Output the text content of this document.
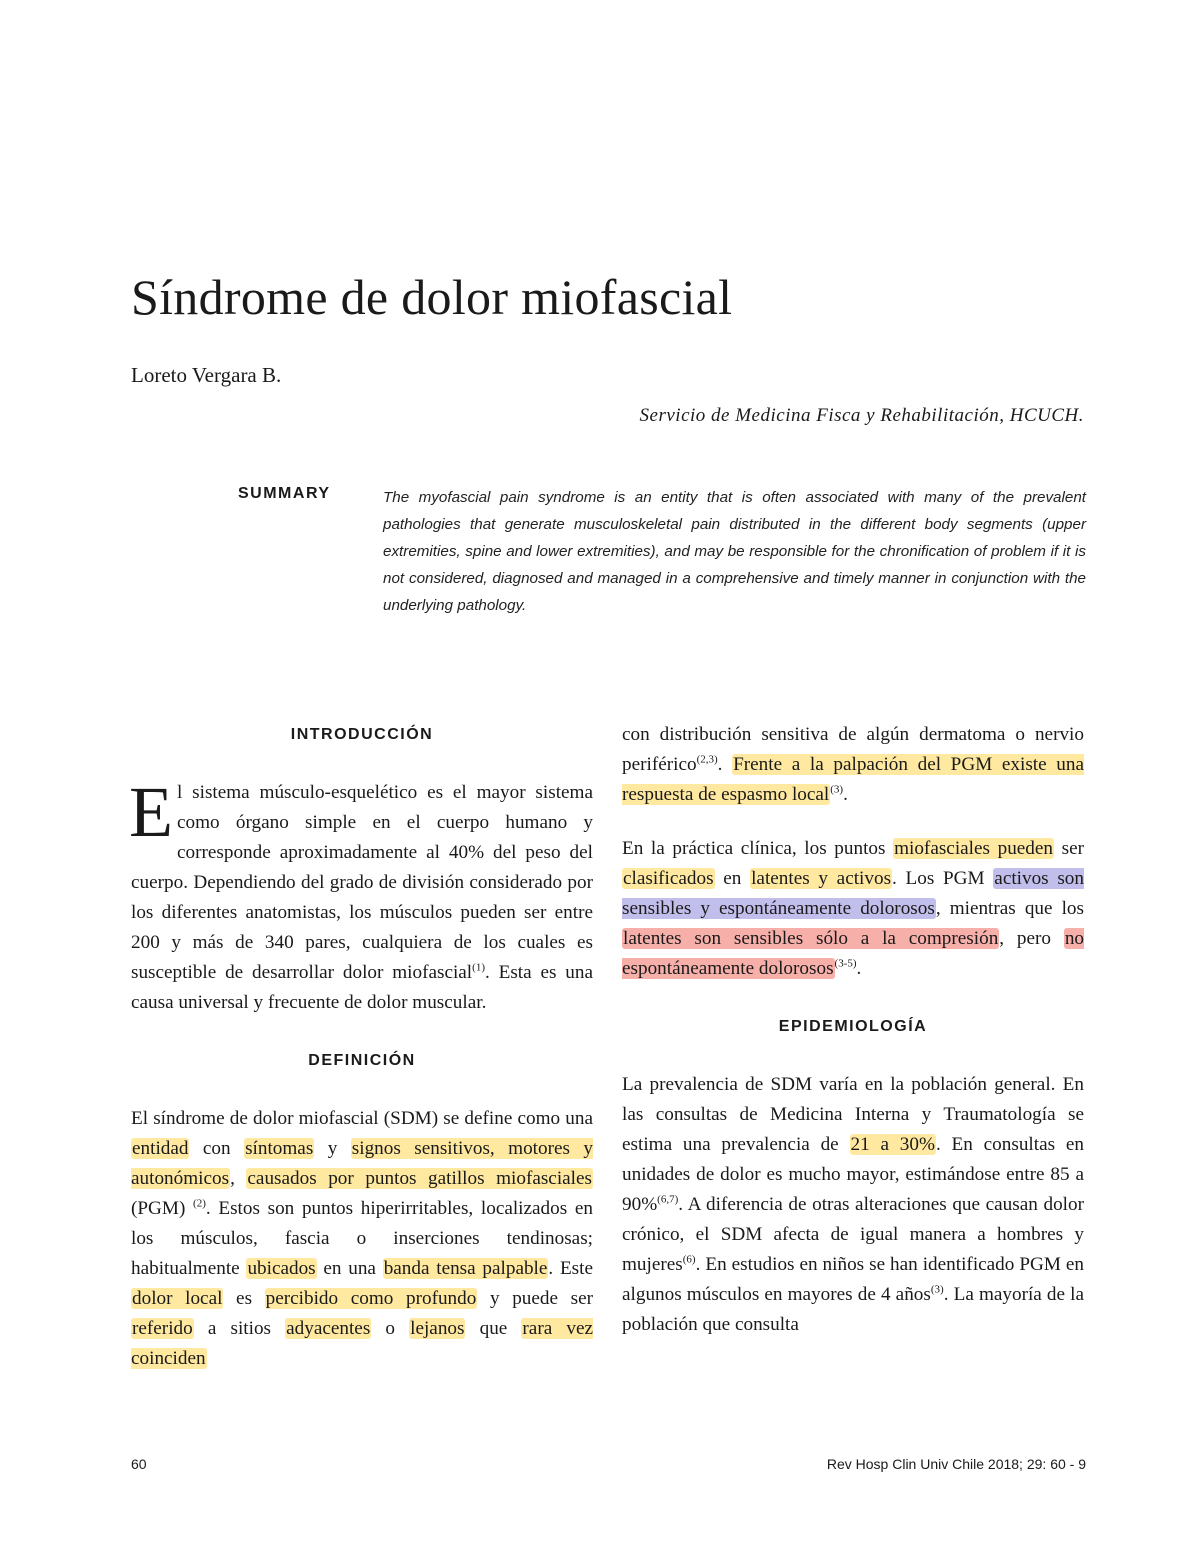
Síndrome de dolor miofascial
Loreto Vergara B.
Servicio de Medicina Fisca y Rehabilitación, HCUCH.
SUMMARY	The myofascial pain syndrome is an entity that is often associated with many of the prevalent pathologies that generate musculoskeletal pain distributed in the different body segments (upper extremities, spine and lower extremities), and may be responsible for the chronification of problem if it is not considered, diagnosed and managed in a comprehensive and timely manner in conjunction with the underlying pathology.
INTRODUCCIÓN

El sistema músculo-esquelético es el mayor sistema como órgano simple en el cuerpo humano y corresponde aproximadamente al 40% del peso del cuerpo. Dependiendo del grado de división considerado por los diferentes anatomistas, los músculos pueden ser entre 200 y más de 340 pares, cualquiera de los cuales es susceptible de desarrollar dolor miofascial$^{(1)}$. Esta es una causa universal y frecuente de dolor muscular.

DEFINICIÓN

El síndrome de dolor miofascial (SDM) se define como una entidad con síntomas y signos sensitivos, motores y autonómicos, causados por puntos gatillos miofasciales (PGM) $^{(2)}$. Estos son puntos hiperirritables, localizados en los músculos, fascia o inserciones tendinosas; habitualmente ubicados en una banda tensa palpable. Este dolor local es percibido como profundo y puede ser referido a sitios adyacentes o lejanos que rara vez coinciden

con distribución sensitiva de algún dermatoma o nervio periférico$^{(2,3)}$. Frente a la palpación del PGM existe una respuesta de espasmo local$^{(3)}$.

En la práctica clínica, los puntos miofasciales pueden ser clasificados en latentes y activos. Los PGM activos son sensibles y espontáneamente dolorosos, mientras que los latentes son sensibles sólo a la compresión, pero no espontáneamente dolorosos$^{(3-5)}$.

EPIDEMIOLOGÍA

La prevalencia de SDM varía en la población general. En las consultas de Medicina Interna y Traumatología se estima una prevalencia de 21 a 30%. En consultas en unidades de dolor es mucho mayor, estimándose entre 85 a 90%$^{(6,7)}$. A diferencia de otras alteraciones que causan dolor crónico, el SDM afecta de igual manera a hombres y mujeres$^{(6)}$. En estudios en niños se han identificado PGM en algunos músculos en mayores de 4 años$^{(3)}$. La mayoría de la población que consulta

60	Rev Hosp Clin Univ Chile 2018; 29: 60 - 9
